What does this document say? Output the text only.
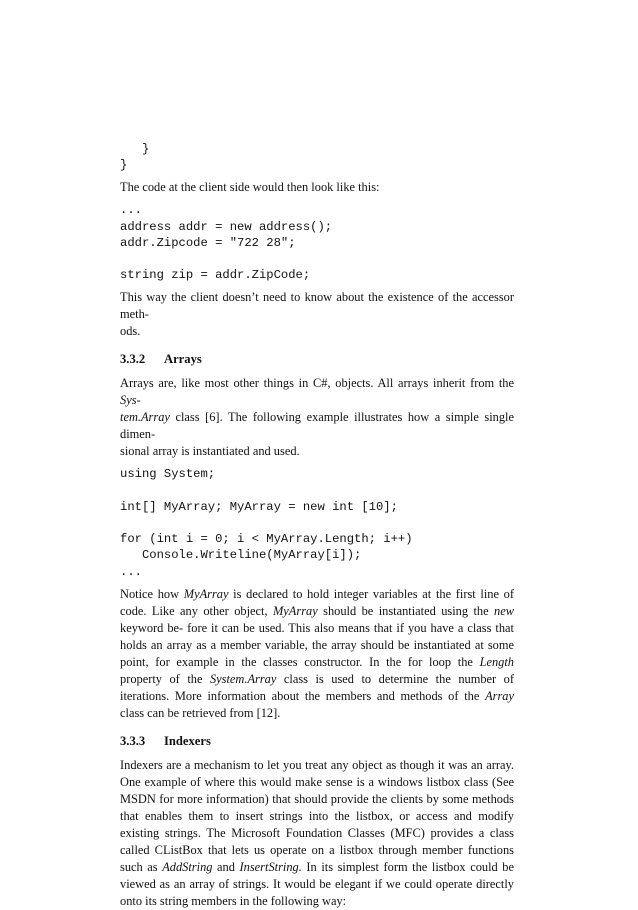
}
}

The code at the client side would then look like this:

...
address addr = new address();
addr.Zipcode = "722 28";

string zip = addr.ZipCode;

This way the client doesn’t need to know about the existence of the accessor meth-
ods.

3.3.2 Arrays

Arrays are, like most other things in C#, objects. All arrays inherit from the Sys-
tem.Array class [6]. The following example illustrates how a simple single dimen-
sional array is instantiated and used.

using System;

int[] MyArray; MyArray = new int [10];

for (int i = 0; i < MyArray.Length; i++)
Console.Writeline(MyArray[i]);
...

Notice how MyArray is declared to hold integer variables at the first line of code. Like any other object, MyArray should be instantiated using the new keyword be- fore it can be used. This also means that if you have a class that holds an array as a member variable, the array should be instantiated at some point, for example in the classes constructor. In the for loop the Length property of the System.Array class is used to determine the number of iterations. More information about the members and methods of the Array class can be retrieved from [12].

3.3.3 Indexers

Indexers are a mechanism to let you treat any object as though it was an array. One example of where this would make sense is a windows listbox class (See MSDN for more information) that should provide the clients by some methods that enables them to insert strings into the listbox, or access and modify existing strings. The Microsoft Foundation Classes (MFC) provides a class called CListBox that lets us operate on a listbox through member functions such as AddString and InsertString. In its simplest form the listbox could be viewed as an array of strings. It would be elegant if we could operate directly onto its string members in the following way:
